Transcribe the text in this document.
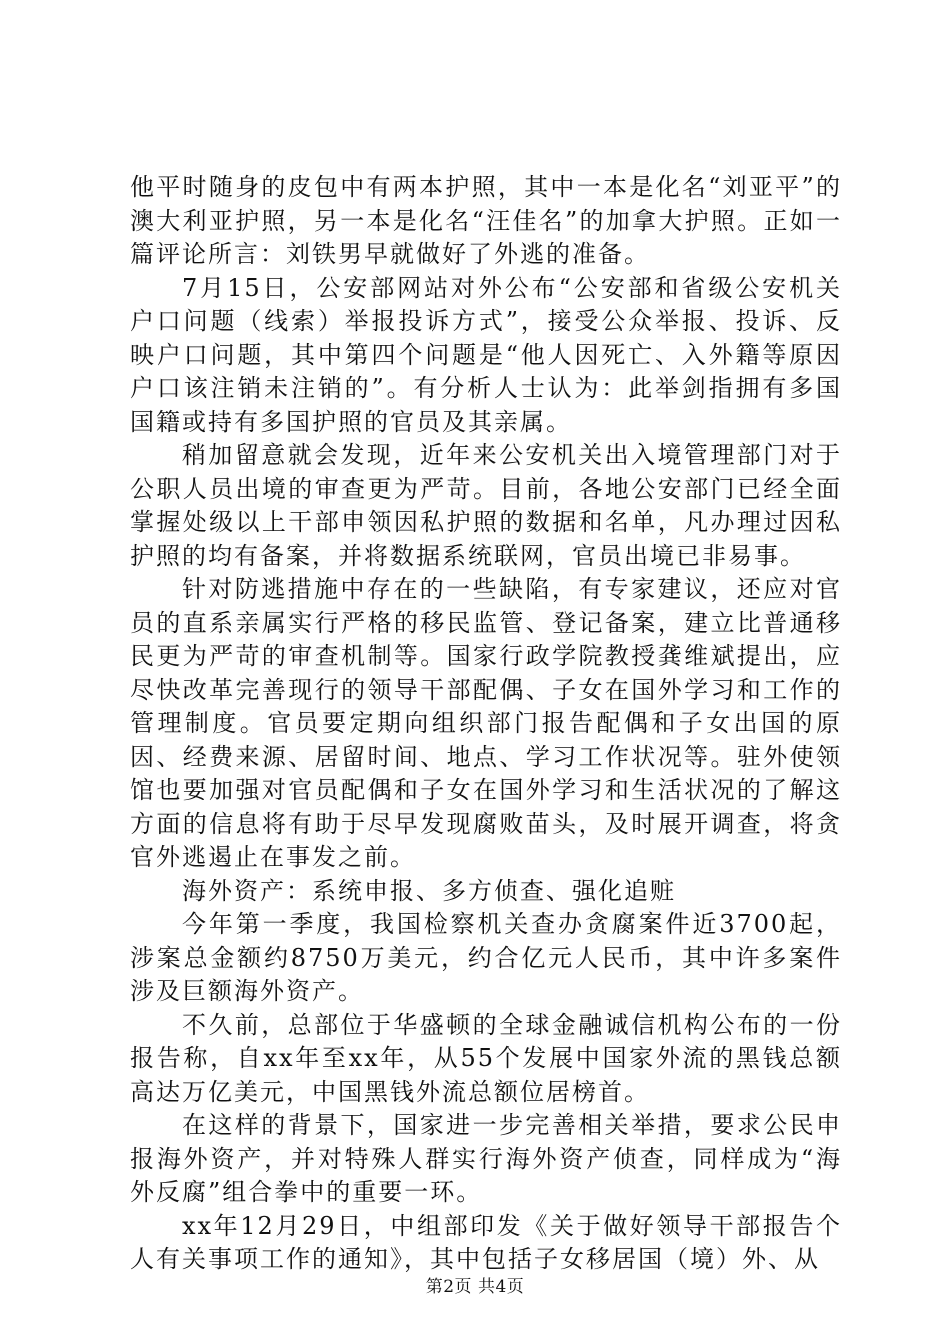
他平时随身的皮包中有两本护照，其中一本是化名“刘亚平”的澳大利亚护照，另一本是化名“汪佳名”的加拿大护照。正如一篇评论所言：刘铁男早就做好了外逃的准备。

7月15日，公安部网站对外公布“公安部和省级公安机关户口问题（线索）举报投诉方式”，接受公众举报、投诉、反映户口问题，其中第四个问题是“他人因死亡、入外籍等原因户口该注销未注销的”。有分析人士认为：此举剑指拥有多国国籍或持有多国护照的官员及其亲属。

稍加留意就会发现，近年来公安机关出入境管理部门对于公职人员出境的审查更为严苛。目前，各地公安部门已经全面掌握处级以上干部申领因私护照的数据和名单，凡办理过因私护照的均有备案，并将数据系统联网，官员出境已非易事。

针对防逃措施中存在的一些缺陷，有专家建议，还应对官员的直系亲属实行严格的移民监管、登记备案，建立比普通移民更为严苛的审查机制等。国家行政学院教授龚维斌提出，应尽快改革完善现行的领导干部配偶、子女在国外学习和工作的管理制度。官员要定期向组织部门报告配偶和子女出国的原因、经费来源、居留时间、地点、学习工作状况等。驻外使领馆也要加强对官员配偶和子女在国外学习和生活状况的了解这方面的信息将有助于尽早发现腐败苗头，及时展开调查，将贪官外逃遏止在事发之前。

海外资产：系统申报、多方侦查、强化追赃

今年第一季度，我国检察机关查办贪腐案件近3700起，涉案总金额约8750万美元，约合亿元人民币，其中许多案件涉及巨额海外资产。

不久前，总部位于华盛顿的全球金融诚信机构公布的一份报告称，自xx年至xx年，从55个发展中国家外流的黑钱总额高达万亿美元，中国黑钱外流总额位居榜首。

在这样的背景下，国家进一步完善相关举措，要求公民申报海外资产，并对特殊人群实行海外资产侦查，同样成为“海外反腐”组合拳中的重要一环。

xx年12月29日，中组部印发《关于做好领导干部报告个人有关事项工作的通知》，其中包括子女移居国（境）外、从

第2页 共4页
